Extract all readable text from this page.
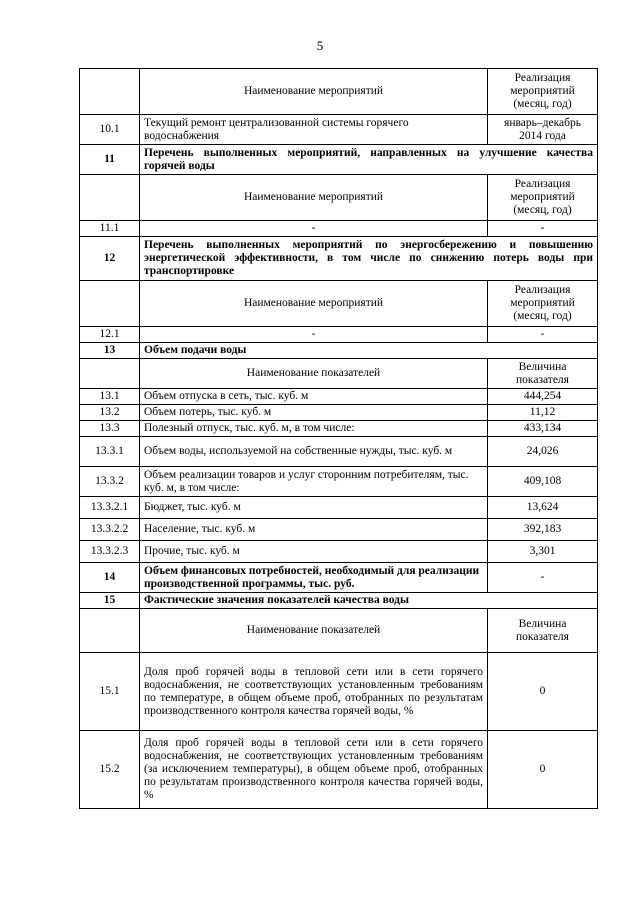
5
	Наименование мероприятий	Реализация мероприятий (месяц, год)
10.1	Текущий ремонт централизованной системы горячего водоснабжения	январь–декабрь 2014 года
11	Перечень выполненных мероприятий, направленных на улучшение качества горячей воды	
	Наименование мероприятий	Реализация мероприятий (месяц, год)
11.1	-	-
12	Перечень выполненных мероприятий по энергосбережению и повышению энергетической эффективности, в том числе по снижению потерь воды при транспортировке	
	Наименование мероприятий	Реализация мероприятий (месяц, год)
12.1	-	-
13	Объем подачи воды	
	Наименование показателей	Величина показателя
13.1	Объем отпуска в сеть, тыс. куб. м	444,254
13.2	Объем потерь, тыс. куб. м	11,12
13.3	Полезный отпуск, тыс. куб. м, в том числе:	433,134
13.3.1	Объем воды, используемой на собственные нужды, тыс. куб. м	24,026
13.3.2	Объем реализации товаров и услуг сторонним потребителям, тыс. куб. м, в том числе:	409,108
13.3.2.1	Бюджет, тыс. куб. м	13,624
13.3.2.2	Население, тыс. куб. м	392,183
13.3.2.3	Прочие, тыс. куб. м	3,301
14	Объем финансовых потребностей, необходимый для реализации производственной программы, тыс. руб.	-
15	Фактические значения показателей качества воды	
	Наименование показателей	Величина показателя
15.1	Доля проб горячей воды в тепловой сети или в сети горячего водоснабжения, не соответствующих установленным требованиям по температуре, в общем объеме проб, отобранных по результатам производственного контроля качества горячей воды, %	0
15.2	Доля проб горячей воды в тепловой сети или в сети горячего водоснабжения, не соответствующих установленным требованиям (за исключением температуры), в общем объеме проб, отобранных по результатам производственного контроля качества горячей воды, %	0
